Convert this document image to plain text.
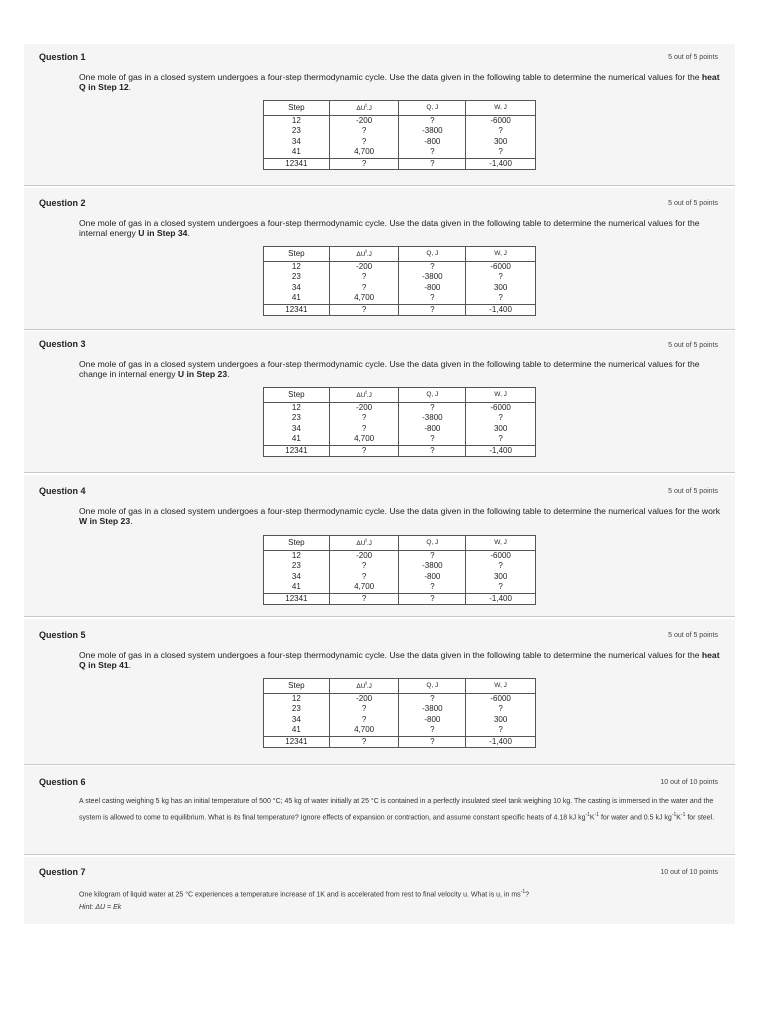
Question 1	5 out of 5 points
One mole of gas in a closed system undergoes a four-step thermodynamic cycle. Use the data given in the following table to determine the numerical values for the heat Q in Step 12.
Step	$\Delta U^t.J$	Q, J	W, J
12	-200	?	-6000
23	?	-3800	?
34	?	-800	300
41	4,700	?	?
12341	?	?	-1,400
Question 2	5 out of 5 points
One mole of gas in a closed system undergoes a four-step thermodynamic cycle. Use the data given in the following table to determine the numerical values for the internal energy U in Step 34.
Step	$\Delta U^t.J$	Q, J	W, J
12	-200	?	-6000
23	?	-3800	?
34	?	-800	300
41	4,700	?	?
12341	?	?	-1,400
Question 3	5 out of 5 points
One mole of gas in a closed system undergoes a four-step thermodynamic cycle. Use the data given in the following table to determine the numerical values for the change in internal energy U in Step 23.
Step	$\Delta U^t.J$	Q, J	W, J
12	-200	?	-6000
23	?	-3800	?
34	?	-800	300
41	4,700	?	?
12341	?	?	-1,400
Question 4	5 out of 5 points
One mole of gas in a closed system undergoes a four-step thermodynamic cycle. Use the data given in the following table to determine the numerical values for the work W in Step 23.
Step	$\Delta U^t.J$	Q, J	W, J
12	-200	?	-6000
23	?	-3800	?
34	?	-800	300
41	4,700	?	?
12341	?	?	-1,400
Question 5	5 out of 5 points
One mole of gas in a closed system undergoes a four-step thermodynamic cycle. Use the data given in the following table to determine the numerical values for the heat Q in Step 41.
Step	$\Delta U^t.J$	Q, J	W, J
12	-200	?	-6000
23	?	-3800	?
34	?	-800	300
41	4,700	?	?
12341	?	?	-1,400
Question 6	10 out of 10 points
A steel casting weighing 5 kg has an initial temperature of 500 °C; 45 kg of water initially at 25 °C is contained in a perfectly insulated steel tank weighing 10 kg. The casting is immersed in the water and the system is allowed to come to equilibrium. What is its final temperature? Ignore effects of expansion or contraction, and assume constant specific heats of 4.18 kJ $kg^{-1}K^{-1}$ for water and 0.5 kJ $kg^{-1}K^{-1}$ for steel.
Question 7	10 out of 10 points
One kilogram of liquid water at 25 °C experiences a temperature increase of 1K and is accelerated from rest to final velocity u. What is u, in $ms^{-1}$?
Hint: ΔU = Ek
